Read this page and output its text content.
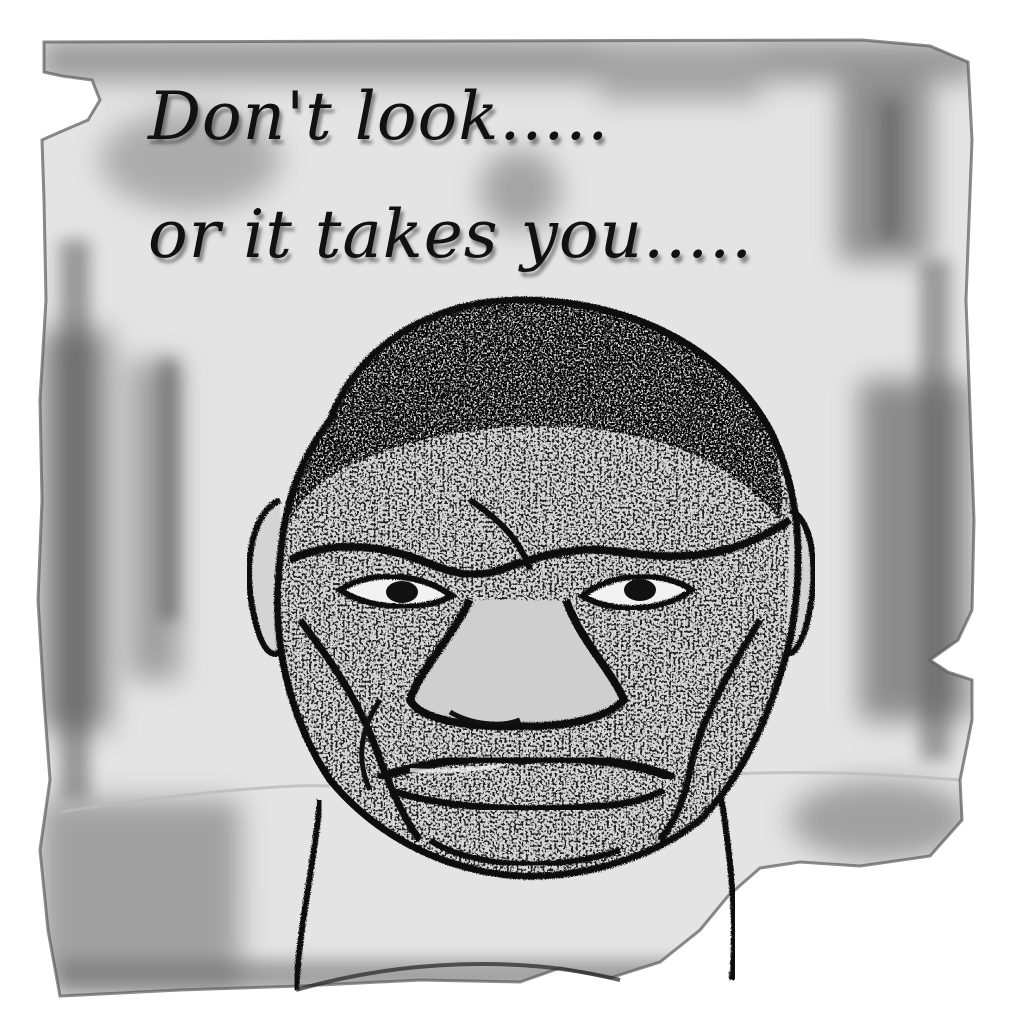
Don't look.....
or it takes you.....
